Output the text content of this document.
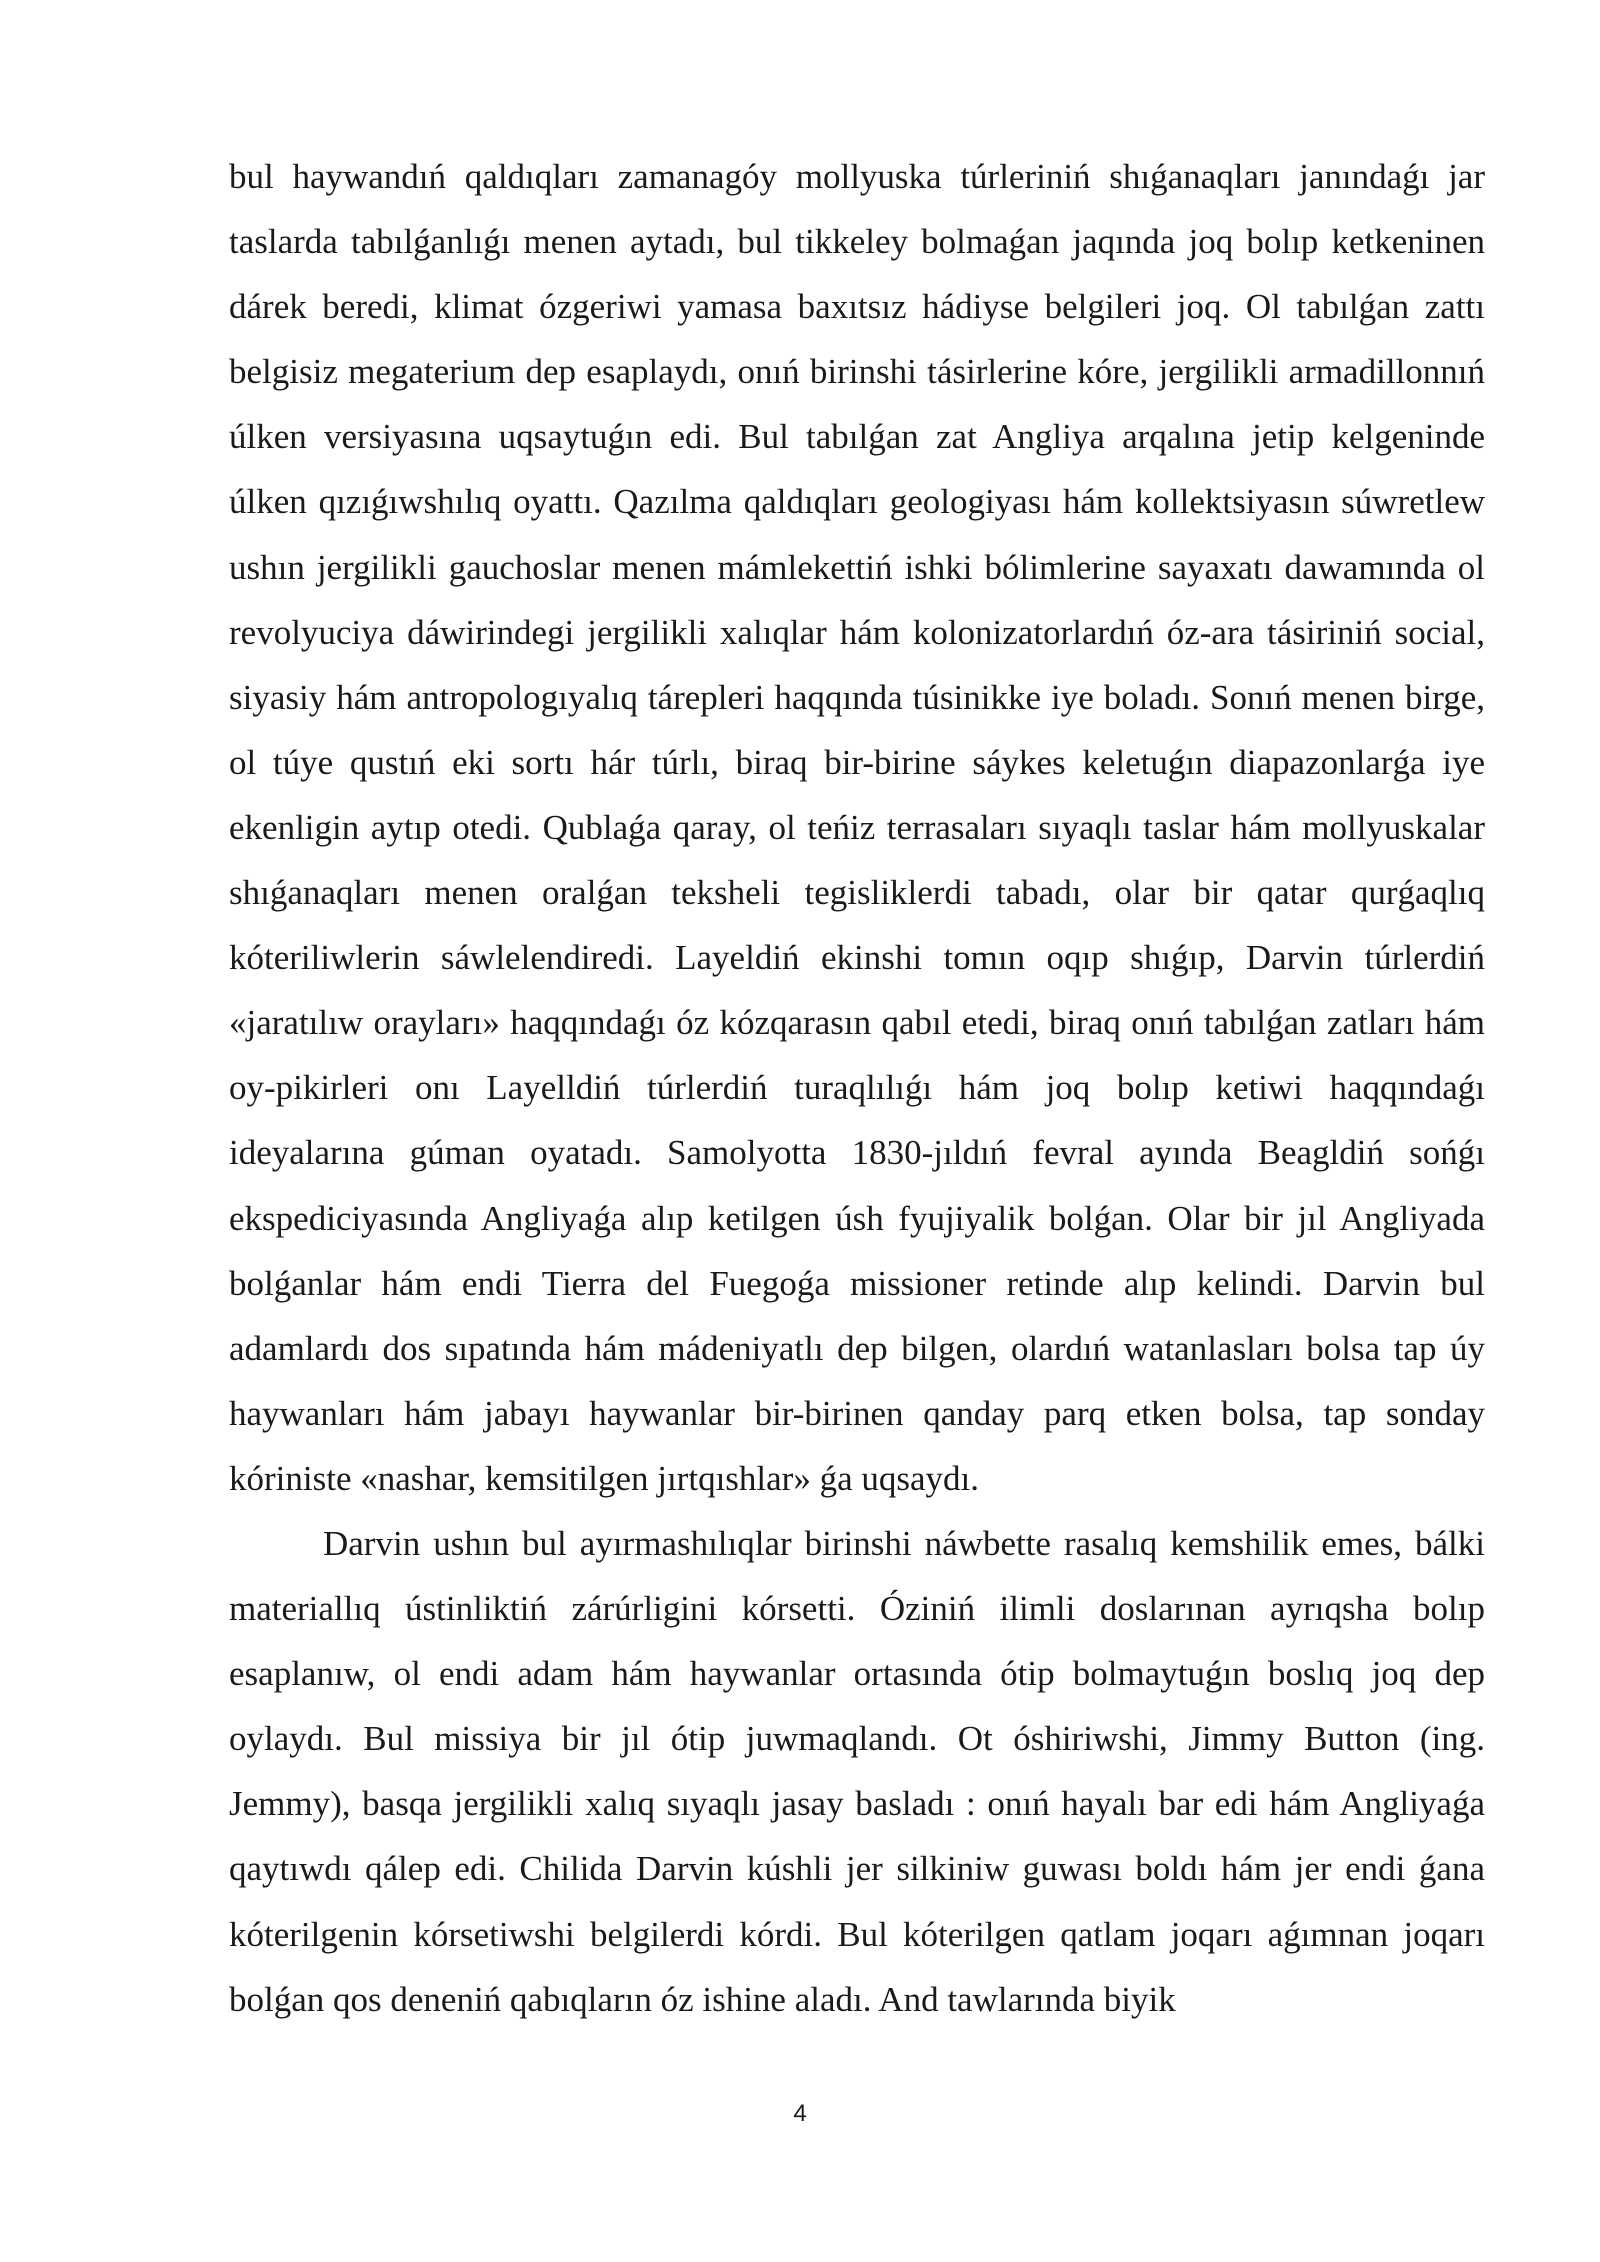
bul haywandıń qaldıqları zamanagóy mollyuska túrleriniń shıǵanaqları janındaǵı jar taslarda tabılǵanlıǵı menen aytadı, bul tikkeley bolmaǵan jaqında joq bolıp ketkeninen dárek beredi, klimat ózgeriwi yamasa baxıtsız hádiyse belgileri joq. Ol tabılǵan zattı belgisiz megaterium dep esaplaydı, onıń birinshi tásirlerine kóre, jergilikli armadillonnıń úlken versiyasına uqsaytuǵın edi. Bul tabılǵan zat Angliya arqalına jetip kelgeninde úlken qızıǵıwshılıq oyattı. Qazılma qaldıqları geologiyası hám kollektsiyasın súwretlew ushın jergilikli gauchoslar menen mámlekettiń ishki bólimlerine sayaxatı dawamında ol revolyuciya dáwirindegi jergilikli xalıqlar hám kolonizatorlardıń óz-ara tásiriniń social, siyasiy hám antropologıyalıq tárepleri haqqında túsinikke iye boladı. Sonıń menen birge, ol túye qustıń eki sortı hár túrlı, biraq bir-birine sáykes keletuǵın diapazonlarǵa iye ekenligin aytıp otedi. Qublaǵa qaray, ol teńiz terrasaları sıyaqlı taslar hám mollyuskalar shıǵanaqları menen oralǵan teksheli tegisliklerdi tabadı, olar bir qatar qurǵaqlıq kóteriliwlerin sáwlelendiredi. Layeldiń ekinshi tomın oqıp shıǵıp, Darvin túrlerdiń «jaratılıw orayları» haqqındaǵı óz kózqarasın qabıl etedi, biraq onıń tabılǵan zatları hám oy-pikirleri onı Layelldiń túrlerdiń turaqlılıǵı hám joq bolıp ketiwi haqqındaǵı ideyalarına gúman oyatadı. Samolyotta 1830-jıldıń fevral ayında Beagldiń sońǵı ekspediciyasında Angliyaǵa alıp ketilgen úsh fyujiyalik bolǵan. Olar bir jıl Angliyada bolǵanlar hám endi Tierra del Fuegoǵa missioner retinde alıp kelindi. Darvin bul adamlardı dos sıpatında hám mádeniyatlı dep bilgen, olardıń watanlasları bolsa tap úy haywanları hám jabayı haywanlar bir-birinen qanday parq etken bolsa, tap sonday kóriniste «nashar, kemsitilgen jırtqıshlar» ǵa uqsaydı.

Darvin ushın bul ayırmashılıqlar birinshi náwbette rasalıq kemshilik emes, bálki materiallıq ústinliktiń zárúrligini kórsetti. Óziniń ilimli doslarınan ayrıqsha bolıp esaplanıw, ol endi adam hám haywanlar ortasında ótip bolmaytuǵın boslıq joq dep oylaydı. Bul missiya bir jıl ótip juwmaqlandı. Ot óshiriwshi, Jimmy Button (ing. Jemmy), basqa jergilikli xalıq sıyaqlı jasay basladı : onıń hayalı bar edi hám Angliyaǵa qaytıwdı qálep edi. Chilida Darvin kúshli jer silkiniw guwası boldı hám jer endi ǵana kóterilgenin kórsetiwshi belgilerdi kórdi. Bul kóterilgen qatlam joqarı aǵımnan joqarı bolǵan qos deneniń qabıqların óz ishine aladı. And tawlarında biyik

4
